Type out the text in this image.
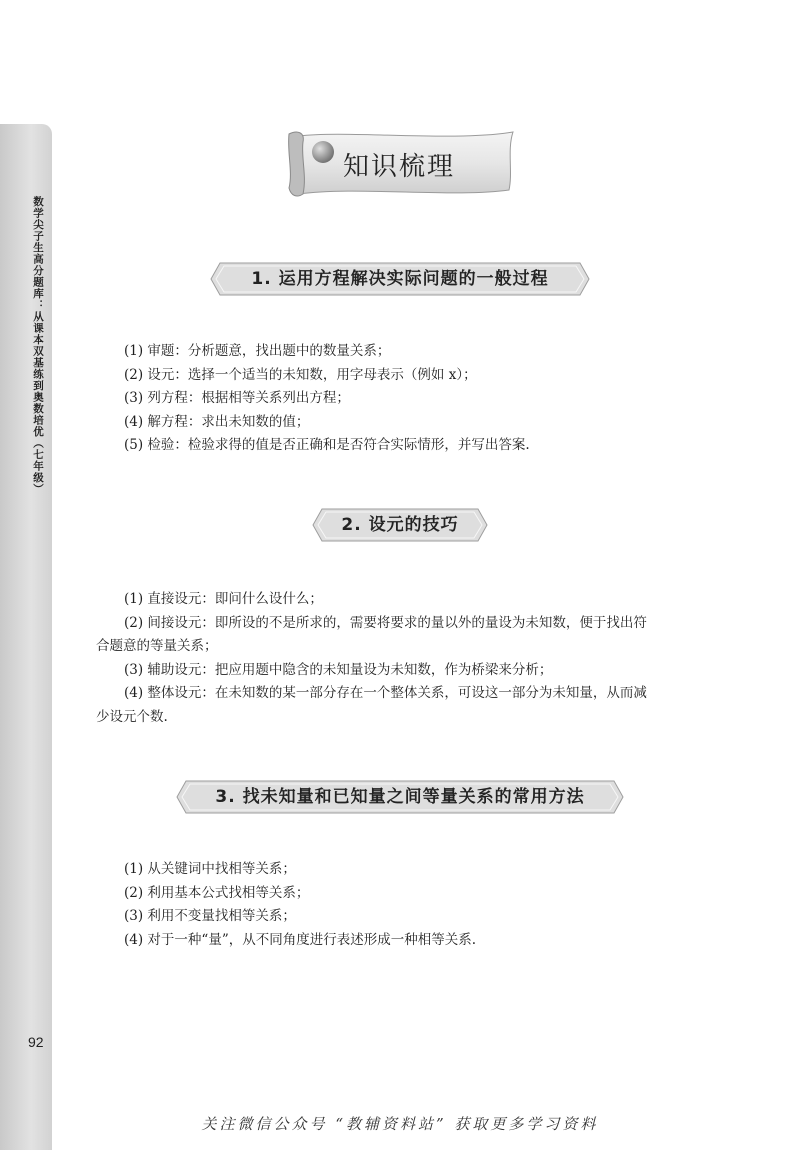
数学尖子生高分题库：从课本双基练到奥数培优（七年级）
92
知识梳理
1. 运用方程解决实际问题的一般过程

(1) 审题：分析题意，找出题中的数量关系；

(2) 设元：选择一个适当的未知数，用字母表示（例如 x）；

(3) 列方程：根据相等关系列出方程；

(4) 解方程：求出未知数的值；

(5) 检验：检验求得的值是否正确和是否符合实际情形，并写出答案.

2. 设元的技巧

(1) 直接设元：即问什么设什么；

(2) 间接设元：即所设的不是所求的，需要将要求的量以外的量设为未知数，便于找出符

合题意的等量关系；

(3) 辅助设元：把应用题中隐含的未知量设为未知数，作为桥梁来分析；

(4) 整体设元：在未知数的某一部分存在一个整体关系，可设这一部分为未知量，从而减

少设元个数.

3. 找未知量和已知量之间等量关系的常用方法

(1) 从关键词中找相等关系；

(2) 利用基本公式找相等关系；

(3) 利用不变量找相等关系；

(4) 对于一种“量”，从不同角度进行表述形成一种相等关系.

关注微信公众号 “教辅资料站” 获取更多学习资料
